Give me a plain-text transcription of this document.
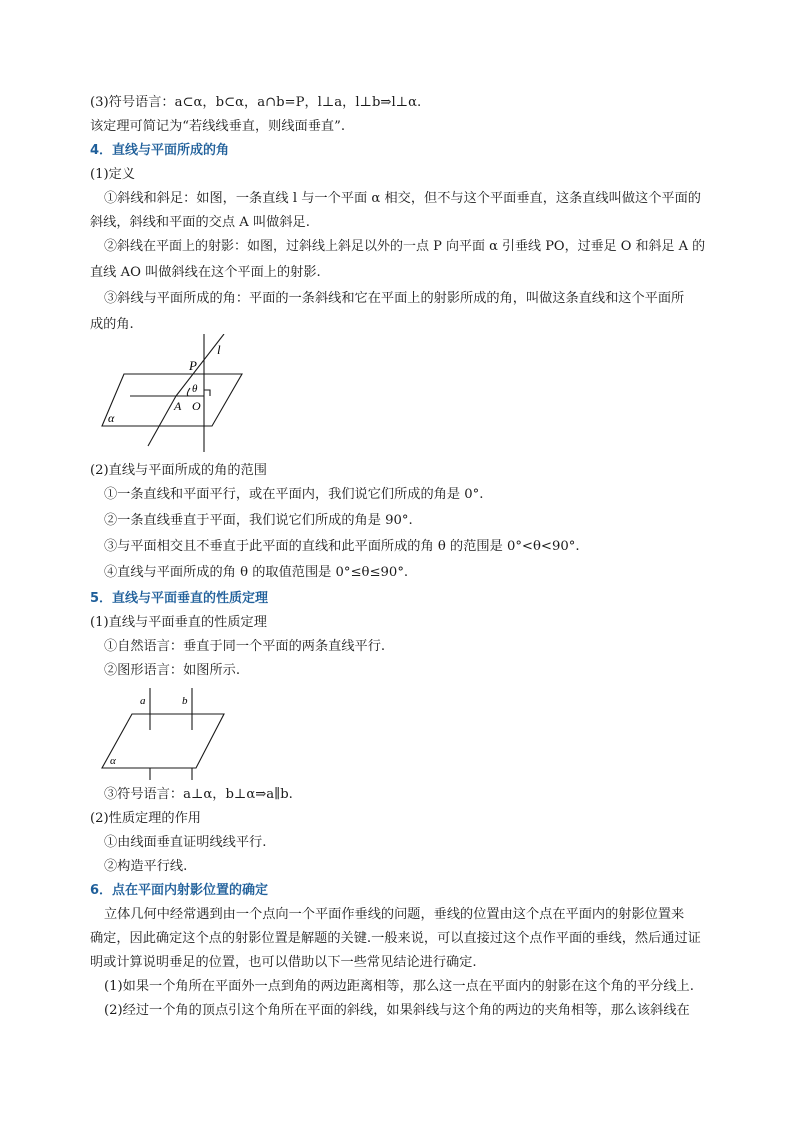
(3)符号语言：a⊂α，b⊂α，a∩b=P，l⊥a，l⊥b⇒l⊥α.
该定理可简记为“若线线垂直，则线面垂直”.
4．直线与平面所成的角
(1)定义
①斜线和斜足：如图，一条直线 l 与一个平面 α 相交，但不与这个平面垂直，这条直线叫做这个平面的
斜线，斜线和平面的交点 A 叫做斜足.
②斜线在平面上的射影：如图，过斜线上斜足以外的一点 P 向平面 α 引垂线 PO，过垂足 O 和斜足 A 的
直线 AO 叫做斜线在这个平面上的射影.
③斜线与平面所成的角：平面的一条斜线和它在平面上的射影所成的角，叫做这条直线和这个平面所
成的角.
P
l
θ
A O
α
(2)直线与平面所成的角的范围
①一条直线和平面平行，或在平面内，我们说它们所成的角是 0°.
②一条直线垂直于平面，我们说它们所成的角是 90°.
③与平面相交且不垂直于此平面的直线和此平面所成的角 θ 的范围是 0°<θ<90°.
④直线与平面所成的角 θ 的取值范围是 0°≤θ≤90°.
5．直线与平面垂直的性质定理
(1)直线与平面垂直的性质定理
①自然语言：垂直于同一个平面的两条直线平行.
②图形语言：如图所示.
a	b
α
③符号语言：a⊥α，b⊥α⇒a∥b.
(2)性质定理的作用
①由线面垂直证明线线平行.
②构造平行线.
6．点在平面内射影位置的确定
立体几何中经常遇到由一个点向一个平面作垂线的问题，垂线的位置由这个点在平面内的射影位置来
确定，因此确定这个点的射影位置是解题的关键.一般来说，可以直接过这个点作平面的垂线，然后通过证
明或计算说明垂足的位置，也可以借助以下一些常见结论进行确定.
(1)如果一个角所在平面外一点到角的两边距离相等，那么这一点在平面内的射影在这个角的平分线上.
(2)经过一个角的顶点引这个角所在平面的斜线，如果斜线与这个角的两边的夹角相等，那么该斜线在
